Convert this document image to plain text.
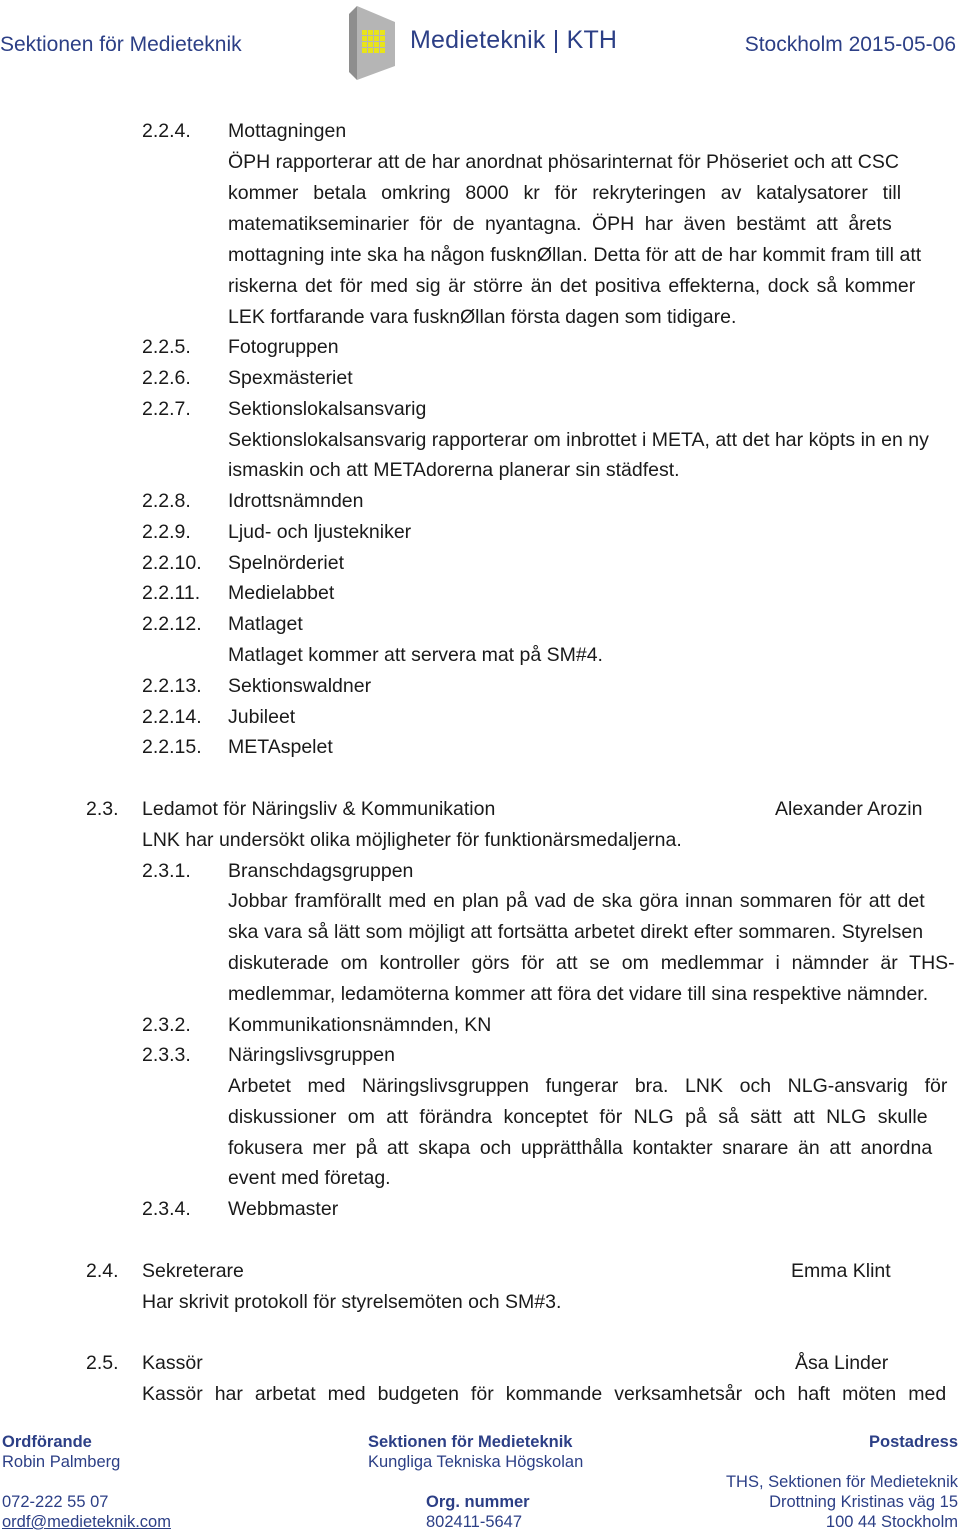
Sektionen för Medieteknik	Medieteknik | KTH	Stockholm 2015-05-06
2.2.4. Mottagningen
ÖPH rapporterar att de har anordnat phösarinternat för Phöseriet och att CSC
kommer betala omkring 8000 kr för rekryteringen av katalysatorer till
matematikseminarier för de nyantagna. ÖPH har även bestämt att årets
mottagning inte ska ha någon fusknØllan. Detta för att de har kommit fram till att
riskerna det för med sig är större än det positiva effekterna, dock så kommer
LEK fortfarande vara fusknØllan första dagen som tidigare.
2.2.5. Fotogruppen
2.2.6. Spexmästeriet
2.2.7. Sektionslokalsansvarig
Sektionslokalsansvarig rapporterar om inbrottet i META, att det har köpts in en ny
ismaskin och att METAdorerna planerar sin städfest.
2.2.8. Idrottsnämnden
2.2.9. Ljud- och ljustekniker
2.2.10. Spelnörderiet
2.2.11. Medielabbet
2.2.12. Matlaget
Matlaget kommer att servera mat på SM#4.
2.2.13. Sektionswaldner
2.2.14. Jubileet
2.2.15. METAspelet
2.3. Ledamot för Näringsliv & Kommunikation	Alexander Arozin
LNK har undersökt olika möjligheter för funktionärsmedaljerna.
2.3.1. Branschdagsgruppen
Jobbar framförallt med en plan på vad de ska göra innan sommaren för att det
ska vara så lätt som möjligt att fortsätta arbetet direkt efter sommaren. Styrelsen
diskuterade om kontroller görs för att se om medlemmar i nämnder är THS-
medlemmar, ledamöterna kommer att föra det vidare till sina respektive nämnder.
2.3.2. Kommunikationsnämnden, KN
2.3.3. Näringslivsgruppen
Arbetet med Näringslivsgruppen fungerar bra. LNK och NLG-ansvarig för
diskussioner om att förändra konceptet för NLG på så sätt att NLG skulle
fokusera mer på att skapa och upprätthålla kontakter snarare än att anordna
event med företag.
2.3.4. Webbmaster
2.4. Sekreterare	Emma Klint
Har skrivit protokoll för styrelsemöten och SM#3.
2.5. Kassör	Åsa Linder
Kassör har arbetat med budgeten för kommande verksamhetsår och haft möten med
Ordförande
Robin Palmberg
072-222 55 07
ordf@medieteknik.com
Sektionen för Medieteknik
Kungliga Tekniska Högskolan
Org. nummer
802411-5647
Postadress
THS, Sektionen för Medieteknik
Drottning Kristinas väg 15
100 44 Stockholm
